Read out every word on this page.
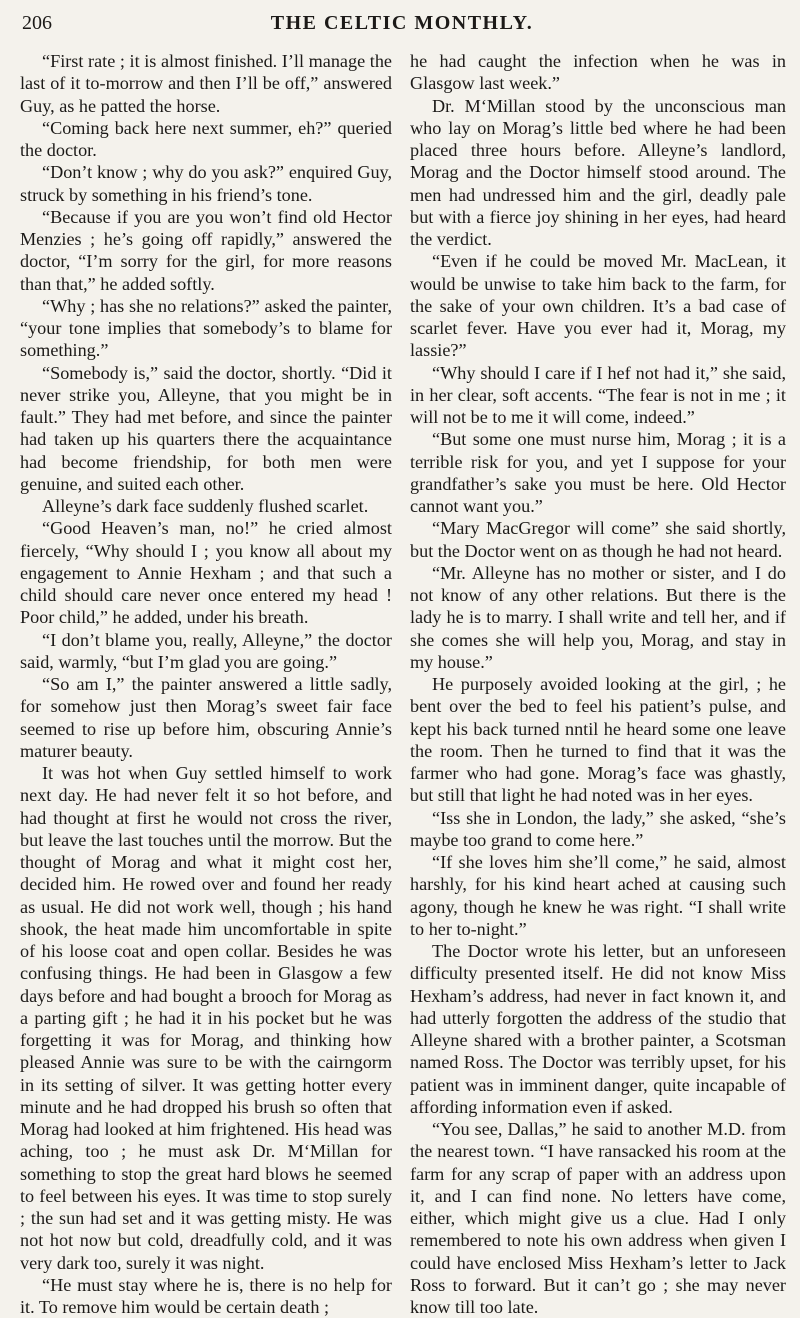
206	THE CELTIC MONTHLY.

“First rate ; it is almost finished. I’ll manage the last of it to-morrow and then I’ll be off,” answered Guy, as he patted the horse.

“Coming back here next summer, eh?” queried the doctor.

“Don’t know ; why do you ask?” enquired Guy, struck by something in his friend’s tone.

“Because if you are you won’t find old Hector Menzies ; he’s going off rapidly,” answered the doctor, “I’m sorry for the girl, for more reasons than that,” he added softly.

“Why ; has she no relations?” asked the painter, “your tone implies that somebody’s to blame for something.”

“Somebody is,” said the doctor, shortly. “Did it never strike you, Alleyne, that you might be in fault.” They had met before, and since the painter had taken up his quarters there the acquaintance had become friendship, for both men were genuine, and suited each other.

Alleyne’s dark face suddenly flushed scarlet.

“Good Heaven’s man, no!” he cried almost fiercely, “Why should I ; you know all about my engagement to Annie Hexham ; and that such a child should care never once entered my head ! Poor child,” he added, under his breath.

“I don’t blame you, really, Alleyne,” the doctor said, warmly, “but I’m glad you are going.”

“So am I,” the painter answered a little sadly, for somehow just then Morag’s sweet fair face seemed to rise up before him, obscuring Annie’s maturer beauty.

It was hot when Guy settled himself to work next day. He had never felt it so hot before, and had thought at first he would not cross the river, but leave the last touches until the morrow. But the thought of Morag and what it might cost her, decided him. He rowed over and found her ready as usual. He did not work well, though ; his hand shook, the heat made him uncomfortable in spite of his loose coat and open collar. Besides he was confusing things. He had been in Glasgow a few days before and had bought a brooch for Morag as a parting gift ; he had it in his pocket but he was forgetting it was for Morag, and thinking how pleased Annie was sure to be with the cairngorm in its setting of silver. It was getting hotter every minute and he had dropped his brush so often that Morag had looked at him frightened. His head was aching, too ; he must ask Dr. M‘Millan for something to stop the great hard blows he seemed to feel between his eyes. It was time to stop surely ; the sun had set and it was getting misty. He was not hot now but cold, dreadfully cold, and it was very dark too, surely it was night.

“He must stay where he is, there is no help for it. To remove him would be certain death ;

he had caught the infection when he was in Glasgow last week.”

Dr. M‘Millan stood by the unconscious man who lay on Morag’s little bed where he had been placed three hours before. Alleyne’s landlord, Morag and the Doctor himself stood around. The men had undressed him and the girl, deadly pale but with a fierce joy shining in her eyes, had heard the verdict.

“Even if he could be moved Mr. MacLean, it would be unwise to take him back to the farm, for the sake of your own children. It’s a bad case of scarlet fever. Have you ever had it, Morag, my lassie?”

“Why should I care if I hef not had it,” she said, in her clear, soft accents. “The fear is not in me ; it will not be to me it will come, indeed.”

“But some one must nurse him, Morag ; it is a terrible risk for you, and yet I suppose for your grandfather’s sake you must be here. Old Hector cannot want you.”

“Mary MacGregor will come” she said shortly, but the Doctor went on as though he had not heard.

“Mr. Alleyne has no mother or sister, and I do not know of any other relations. But there is the lady he is to marry. I shall write and tell her, and if she comes she will help you, Morag, and stay in my house.”

He purposely avoided looking at the girl, ; he bent over the bed to feel his patient’s pulse, and kept his back turned nntil he heard some one leave the room. Then he turned to find that it was the farmer who had gone. Morag’s face was ghastly, but still that light he had noted was in her eyes.

“Iss she in London, the lady,” she asked, “she’s maybe too grand to come here.”

“If she loves him she’ll come,” he said, almost harshly, for his kind heart ached at causing such agony, though he knew he was right. “I shall write to her to-night.”

The Doctor wrote his letter, but an unforeseen difficulty presented itself. He did not know Miss Hexham’s address, had never in fact known it, and had utterly forgotten the address of the studio that Alleyne shared with a brother painter, a Scotsman named Ross. The Doctor was terribly upset, for his patient was in imminent danger, quite incapable of affording information even if asked.

“You see, Dallas,” he said to another M.D. from the nearest town. “I have ransacked his room at the farm for any scrap of paper with an address upon it, and I can find none. No letters have come, either, which might give us a clue. Had I only remembered to note his own address when given I could have enclosed Miss Hexham’s letter to Jack Ross to forward. But it can’t go ; she may never know till too late.
